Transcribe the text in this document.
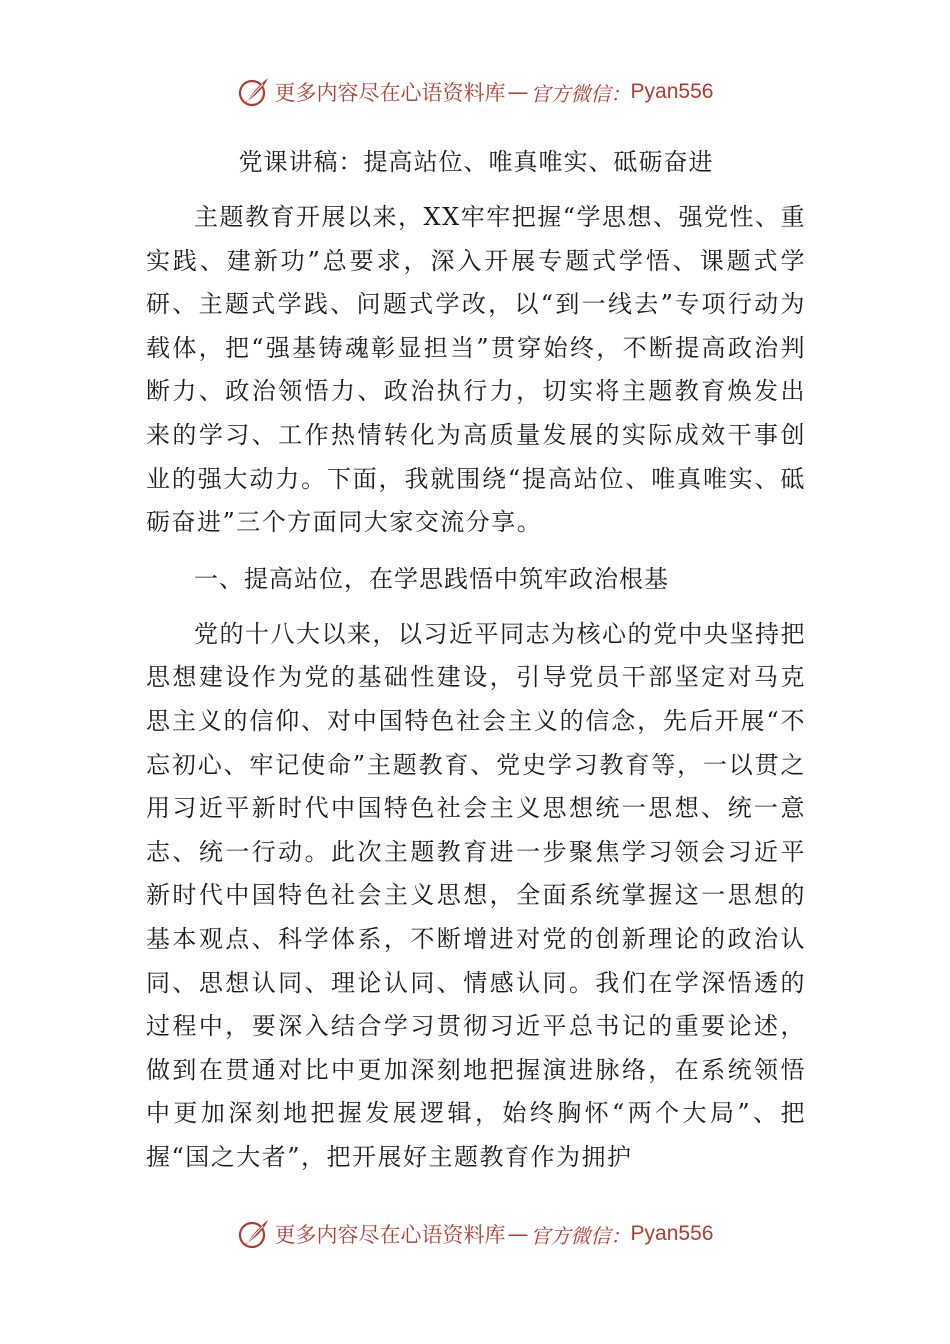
更多内容尽在心语资料库 — 官方微信： Pyan556
党课讲稿：提高站位、唯真唯实、砥砺奋进

主题教育开展以来，XX牢牢把握“学思想、强党性、重实践、建新功”总要求，深入开展专题式学悟、课题式学研、主题式学践、问题式学改，以“到一线去”专项行动为载体，把“强基铸魂彰显担当”贯穿始终，不断提高政治判断力、政治领悟力、政治执行力，切实将主题教育焕发出来的学习、工作热情转化为高质量发展的实际成效干事创业的强大动力。下面，我就围绕“提高站位、唯真唯实、砥砺奋进”三个方面同大家交流分享。

一、提高站位，在学思践悟中筑牢政治根基

党的十八大以来，以习近平同志为核心的党中央坚持把思想建设作为党的基础性建设，引导党员干部坚定对马克思主义的信仰、对中国特色社会主义的信念，先后开展“不忘初心、牢记使命”主题教育、党史学习教育等，一以贯之用习近平新时代中国特色社会主义思想统一思想、统一意志、统一行动。此次主题教育进一步聚焦学习领会习近平新时代中国特色社会主义思想，全面系统掌握这一思想的基本观点、科学体系，不断增进对党的创新理论的政治认同、思想认同、理论认同、情感认同。我们在学深悟透的过程中，要深入结合学习贯彻习近平总书记的重要论述，做到在贯通对比中更加深刻地把握演进脉络，在系统领悟中更加深刻地把握发展逻辑，始终胸怀“两个大局”、把握“国之大者”，把开展好主题教育作为拥护

更多内容尽在心语资料库 — 官方微信： Pyan556
